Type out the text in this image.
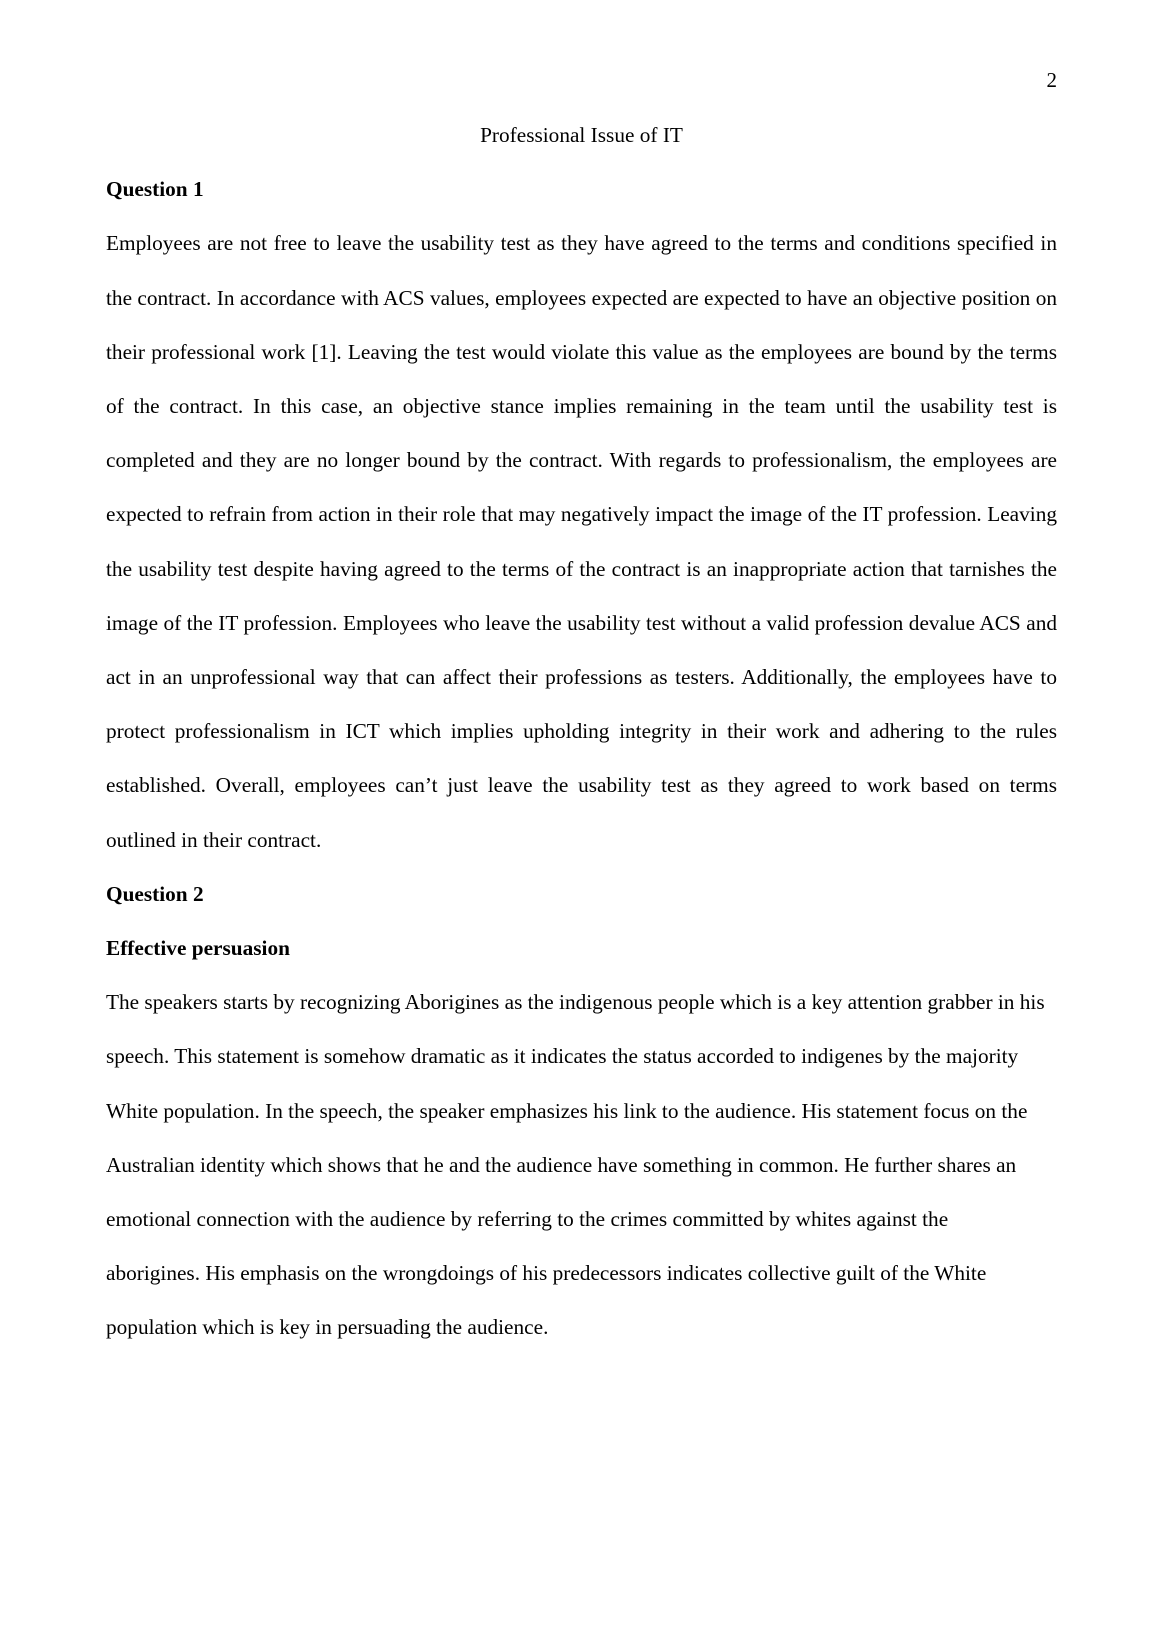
2

Professional Issue of IT

Question 1

Employees are not free to leave the usability test as they have agreed to the terms and conditions specified in the contract. In accordance with ACS values, employees expected are expected to have an objective position on their professional work [1]. Leaving the test would violate this value as the employees are bound by the terms of the contract. In this case, an objective stance implies remaining in the team until the usability test is completed and they are no longer bound by the contract. With regards to professionalism, the employees are expected to refrain from action in their role that may negatively impact the image of the IT profession. Leaving the usability test despite having agreed to the terms of the contract is an inappropriate action that tarnishes the image of the IT profession. Employees who leave the usability test without a valid profession devalue ACS and act in an unprofessional way that can affect their professions as testers. Additionally, the employees have to protect professionalism in ICT which implies upholding integrity in their work and adhering to the rules established. Overall, employees can’t just leave the usability test as they agreed to work based on terms outlined in their contract.

Question 2

Effective persuasion

The speakers starts by recognizing Aborigines as the indigenous people which is a key attention grabber in his speech. This statement is somehow dramatic as it indicates the status accorded to indigenes by the majority White population. In the speech, the speaker emphasizes his link to the audience. His statement focus on the Australian identity which shows that he and the audience have something in common. He further shares an emotional connection with the audience by referring to the crimes committed by whites against the aborigines. His emphasis on the wrongdoings of his predecessors indicates collective guilt of the White population which is key in persuading the audience.
